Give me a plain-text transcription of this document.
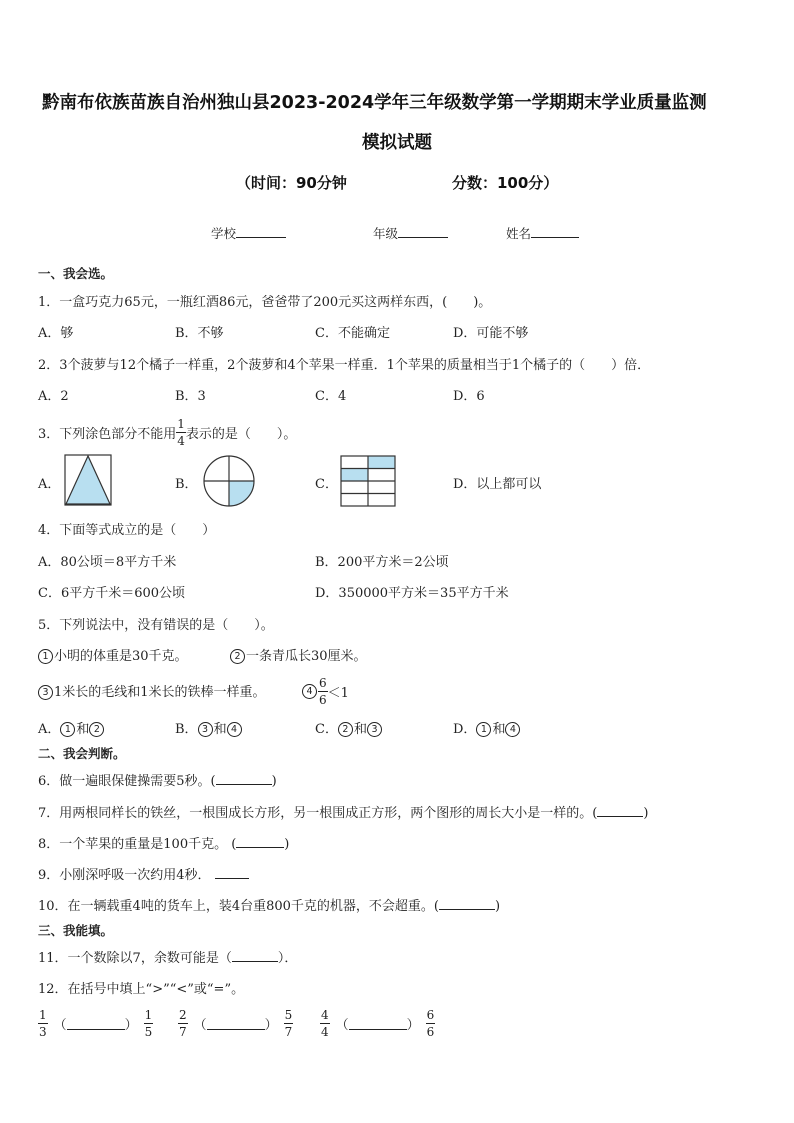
黔南布依族苗族自治州独山县2023-2024学年三年级数学第一学期期末学业质量监测
模拟试题
（时间：90分钟	分数：100分）
学校	年级	姓名
一、我会选。
1．一盒巧克力65元，一瓶红酒86元，爸爸带了200元买这两样东西，(　　)。
A．够	B．不够	C．不能确定	D．可能不够
2．3个菠萝与12个橘子一样重，2个菠萝和4个苹果一样重．1个苹果的质量相当于1个橘子的（　　）倍．
A．2	B．3	C．4	D．6
3．下列涂色部分不能用 $\frac{1}{4}$ 表示的是（　　）。
A．	B．	C．	D．以上都可以
4．下面等式成立的是（　　）
A．80公顷＝8平方千米	B．200平方米＝2公顷
C．6平方千米＝600公顷	D．350000平方米＝35平方千米
5．下列说法中，没有错误的是（　　）。
1 小明的体重是30千克。	2 一条青瓜长30厘米。
3 1米长的毛线和1米长的铁棒一样重。	$4 \frac{6}{6} <1$
A． 1 和 2	B． 3 和 4	C． 2 和 3	D． 1 和 4
二、我会判断。
6．做一遍眼保健操需要5秒。(	)
7．用两根同样长的铁丝，一根围成长方形，另一根围成正方形，两个图形的周长大小是一样的。(	)
8．一个苹果的重量是100千克。 (	)
9．小刚深呼吸一次约用4秒．
10．在一辆载重4吨的货车上，装4台重800千克的机器，不会超重。(	)
三、我能填。
11．一个数除以7，余数可能是（	）．
12．在括号中填上“>”“<”或“=”。
$\frac{1}{3}$ （	） $\frac{1}{5} \frac{2}{7}$ （	） $\frac{5}{7} \frac{4}{4}$ （	） $\frac{6}{6}$
